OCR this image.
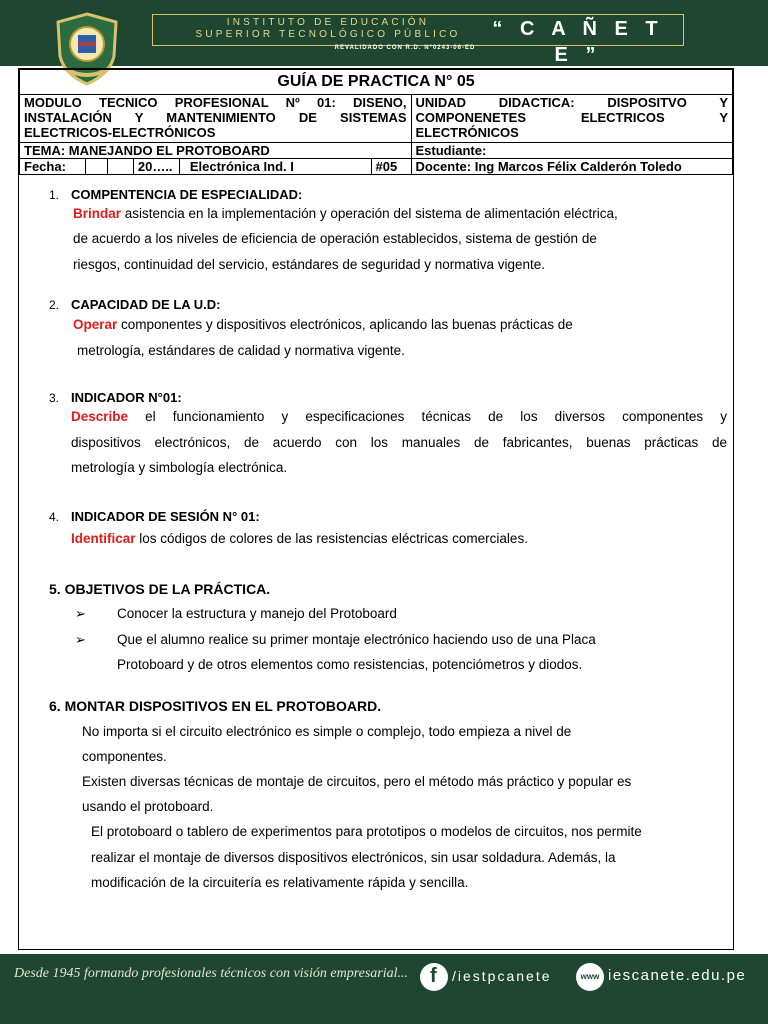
INSTITUTO DE EDUCACIÓN
SUPERIOR TECNOLÓGICO PÚBLICO	“ C A Ñ E T E ”
REVALIDADO CON R.D. N°0243-06-ED
GUÍA DE PRACTICA N° 05						
MODULO TECNICO PROFESIONAL Nº 01: DISENO, INSTALACIÓN Y MANTENIMIENTO DE SISTEMAS ELECTRICOS-ELECTRÓNICOS						UNIDAD DIDACTICA: DISPOSITVO Y COMPONENETES ELECTRICOS Y ELECTRÓNICOS
TEMA: MANEJANDO EL PROTOBOARD						Estudiante:
Fecha:			20…..	Electrónica Ind. I	#05	Docente: Ing Marcos Félix Calderón Toledo
1. COMPENTENCIA DE ESPECIALIDAD:
Brindar asistencia en la implementación y operación del sistema de alimentación eléctrica,
de acuerdo a los niveles de eficiencia de operación establecidos, sistema de gestión de
riesgos, continuidad del servicio, estándares de seguridad y normativa vigente.
2. CAPACIDAD DE LA U.D:
Operar componentes y dispositivos electrónicos, aplicando las buenas prácticas de
metrología, estándares de calidad y normativa vigente.
3. INDICADOR N°01:
Describe el funcionamiento y especificaciones técnicas de los diversos componentes y
dispositivos electrónicos, de acuerdo con los manuales de fabricantes, buenas prácticas de
metrología y simbología electrónica.
4. INDICADOR DE SESIÓN N° 01:
Identificar los códigos de colores de las resistencias eléctricas comerciales.
5. OBJETIVOS DE LA PRÁCTICA.
➢ Conocer la estructura y manejo del Protoboard
➢ Que el alumno realice su primer montaje electrónico haciendo uso de una Placa
Protoboard y de otros elementos como resistencias, potenciómetros y diodos.
6. MONTAR DISPOSITIVOS EN EL PROTOBOARD.
No importa si el circuito electrónico es simple o complejo, todo empieza a nivel de
componentes.
Existen diversas técnicas de montaje de circuitos, pero el método más práctico y popular es
usando el protoboard.
El protoboard o tablero de experimentos para prototipos o modelos de circuitos, nos permite
realizar el montaje de diversos dispositivos electrónicos, sin usar soldadura. Además, la
modificación de la circuitería es relativamente rápida y sencilla.
Desde 1945 formando profesionales técnicos con visión empresarial... f /iestpcanete	www iescanete.edu.pe
